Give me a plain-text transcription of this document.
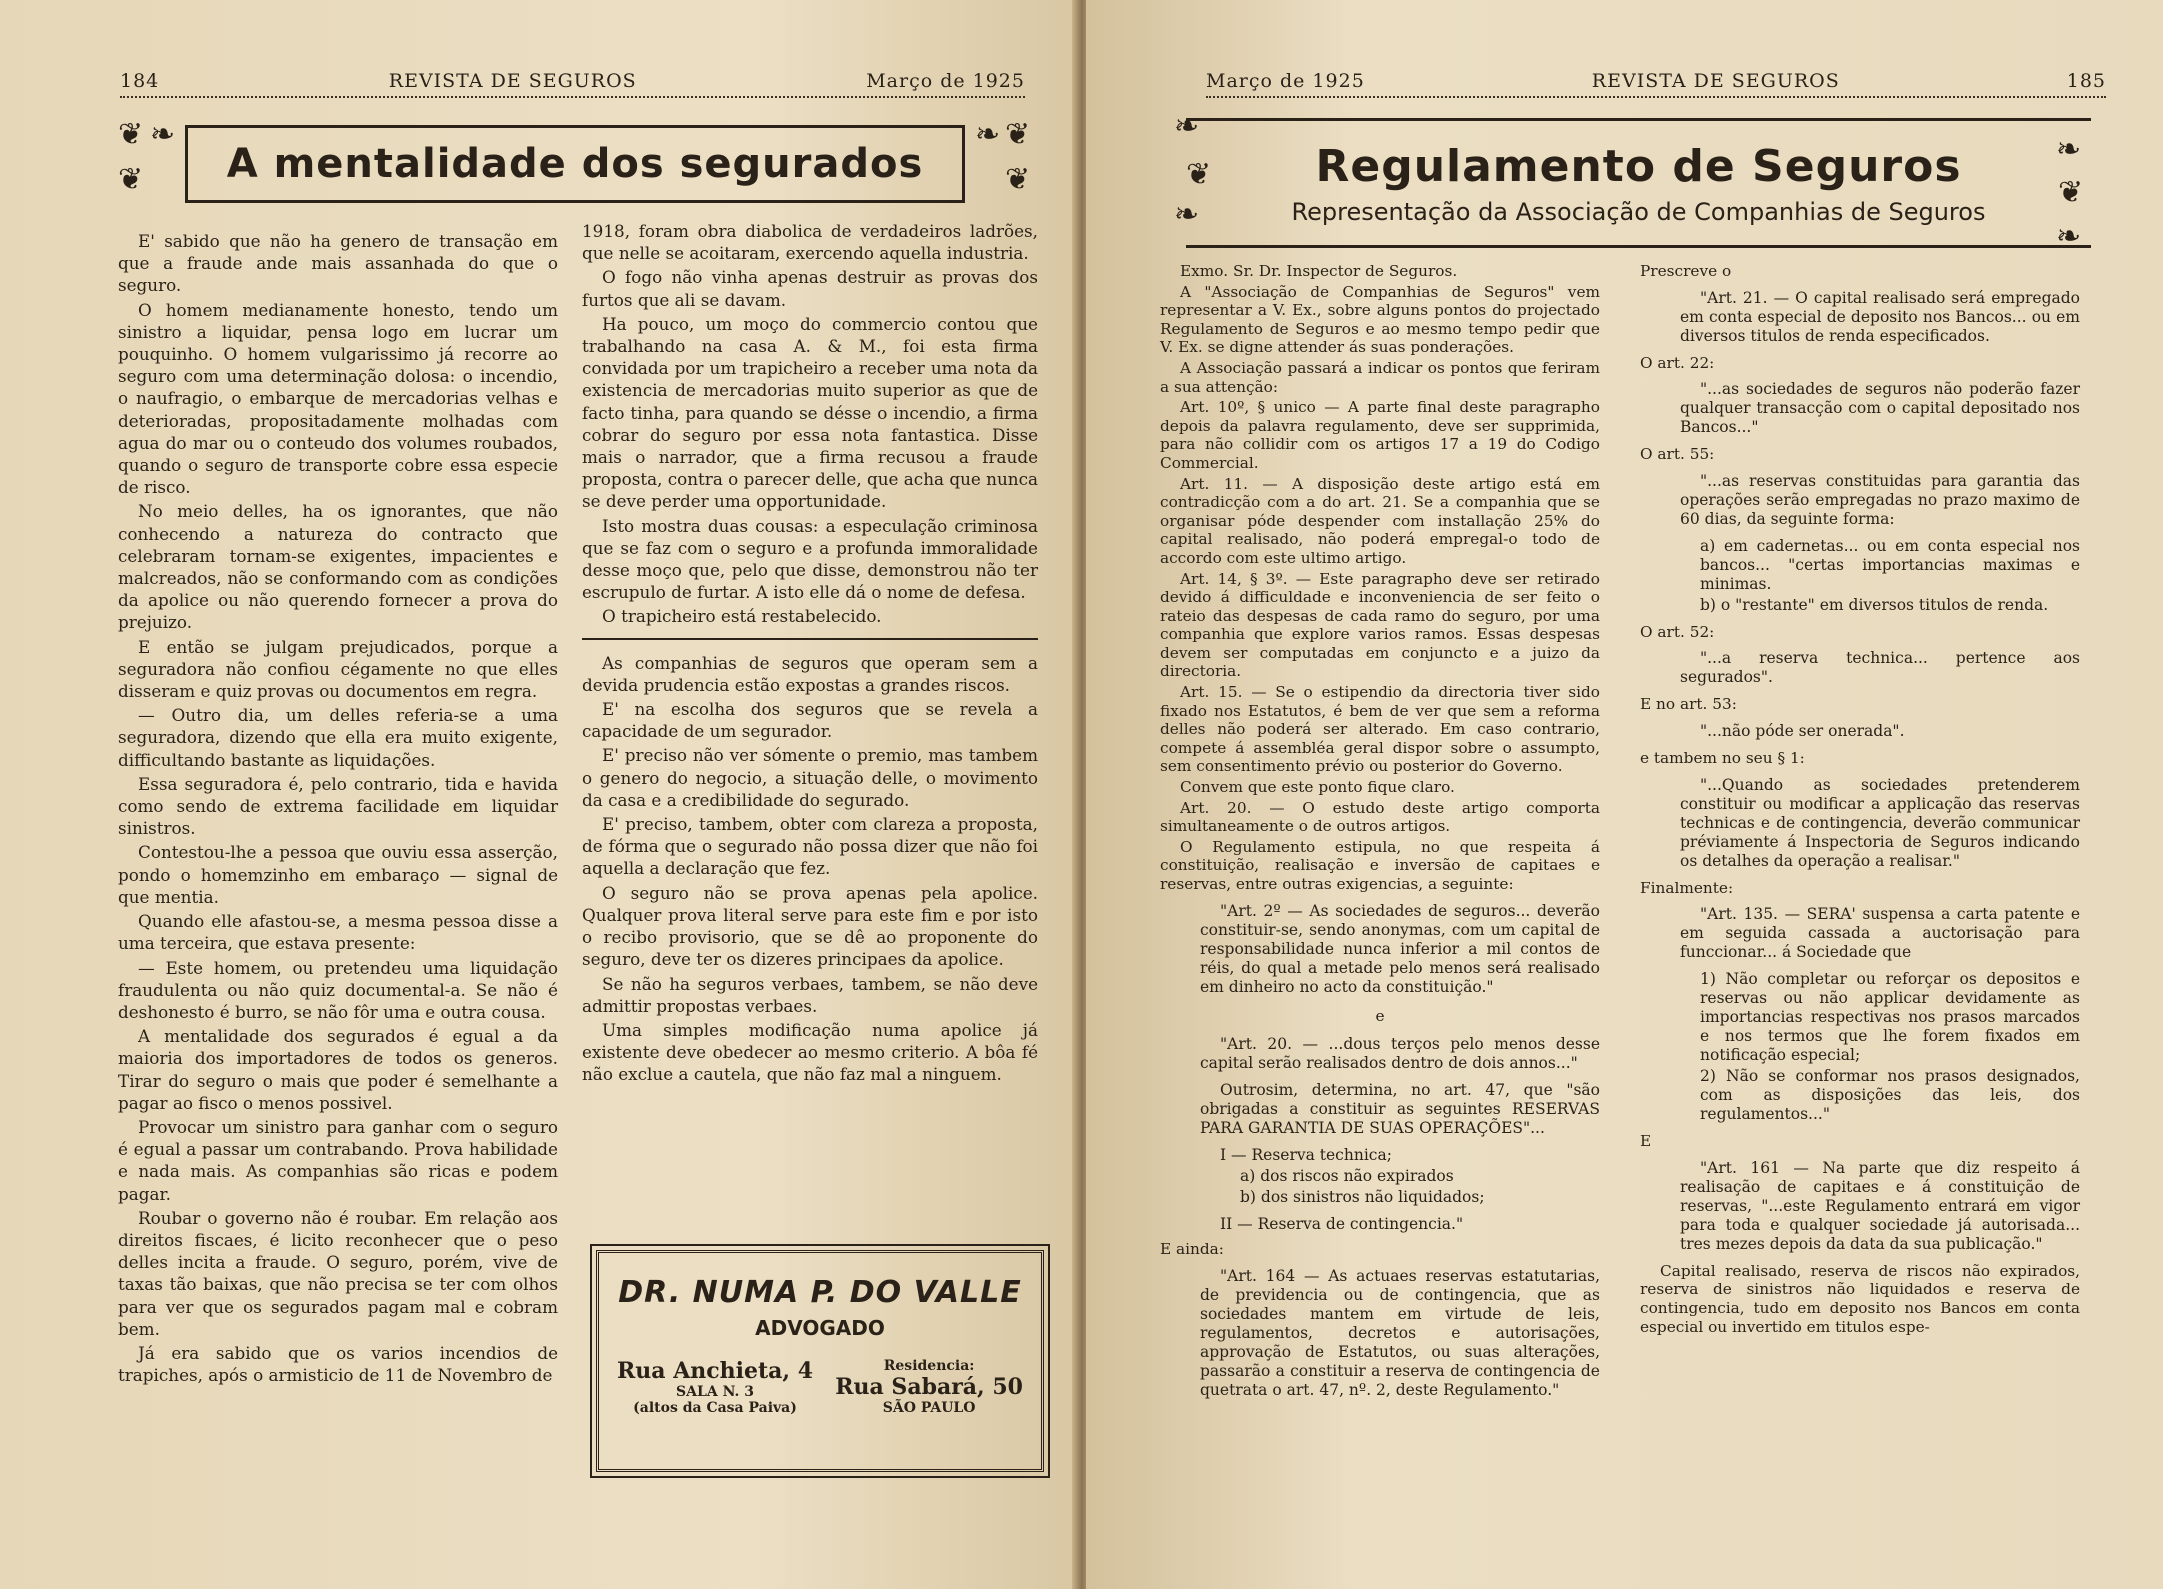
184	REVISTA DE SEGUROS	Março de 1925
❦
❦
❧	❧ ❦
❦
A mentalidade dos segurados

E' sabido que não ha genero de transação em que a fraude ande mais assanhada do que o seguro.

O homem medianamente honesto, tendo um sinistro a liquidar, pensa logo em lucrar um pouquinho. O homem vulgarissimo já recorre ao seguro com uma determinação dolosa: o incendio, o naufragio, o embarque de mercadorias velhas e deterioradas, propositadamente molhadas com agua do mar ou o conteudo dos volumes roubados, quando o seguro de transporte cobre essa especie de risco.

No meio delles, ha os ignorantes, que não conhecendo a natureza do contracto que celebraram tornam-se exigentes, impacientes e malcreados, não se conformando com as condições da apolice ou não querendo fornecer a prova do prejuizo.

E então se julgam prejudicados, porque a seguradora não confiou cégamente no que elles disseram e quiz provas ou documentos em regra.

— Outro dia, um delles referia-se a uma seguradora, dizendo que ella era muito exigente, difficultando bastante as liquidações.

Essa seguradora é, pelo contrario, tida e havida como sendo de extrema facilidade em liquidar sinistros.

Contestou-lhe a pessoa que ouviu essa asserção, pondo o homemzinho em embaraço — signal de que mentia.

Quando elle afastou-se, a mesma pessoa disse a uma terceira, que estava presente:

— Este homem, ou pretendeu uma liquidação fraudulenta ou não quiz documental-a. Se não é deshonesto é burro, se não fôr uma e outra cousa.

A mentalidade dos segurados é egual a da maioria dos importadores de todos os generos. Tirar do seguro o mais que poder é semelhante a pagar ao fisco o menos possivel.

Provocar um sinistro para ganhar com o seguro é egual a passar um contrabando. Prova habilidade e nada mais. As companhias são ricas e podem pagar.

Roubar o governo não é roubar. Em relação aos direitos fiscaes, é licito reconhecer que o peso delles incita a fraude. O seguro, porém, vive de taxas tão baixas, que não precisa se ter com olhos para ver que os segurados pagam mal e cobram bem.

Já era sabido que os varios incendios de trapiches, após o armisticio de 11 de Novembro de

1918, foram obra diabolica de verdadeiros ladrões, que nelle se acoitaram, exercendo aquella industria.

O fogo não vinha apenas destruir as provas dos furtos que ali se davam.

Ha pouco, um moço do commercio contou que trabalhando na casa A. & M., foi esta firma convidada por um trapicheiro a receber uma nota da existencia de mercadorias muito superior as que de facto tinha, para quando se désse o incendio, a firma cobrar do seguro por essa nota fantastica. Disse mais o narrador, que a firma recusou a fraude proposta, contra o parecer delle, que acha que nunca se deve perder uma opportunidade.

Isto mostra duas cousas: a especulação criminosa que se faz com o seguro e a profunda immoralidade desse moço que, pelo que disse, demonstrou não ter escrupulo de furtar. A isto elle dá o nome de defesa.

O trapicheiro está restabelecido.

As companhias de seguros que operam sem a devida prudencia estão expostas a grandes riscos.

E' na escolha dos seguros que se revela a capacidade de um segurador.

E' preciso não ver sómente o premio, mas tambem o genero do negocio, a situação delle, o movimento da casa e a credibilidade do segurado.

E' preciso, tambem, obter com clareza a proposta, de fórma que o segurado não possa dizer que não foi aquella a declaração que fez.

O seguro não se prova apenas pela apolice. Qualquer prova literal serve para este fim e por isto o recibo provisorio, que se dê ao proponente do seguro, deve ter os dizeres principaes da apolice.

Se não ha seguros verbaes, tambem, se não deve admittir propostas verbaes.

Uma simples modificação numa apolice já existente deve obedecer ao mesmo criterio. A bôa fé não exclue a cautela, que não faz mal a ninguem.

DR. NUMA P. DO VALLE
ADVOGADO
Rua Anchieta, 4
SALA N. 3
(altos da Casa Paiva)
Residencia:
Rua Sabará, 50
SÃO PAULO
Março de 1925	REVISTA DE SEGUROS	185
❧
❦
❧
❧
❦
❧
Regulamento de Seguros
Representação da Associação de Companhias de Seguros

Exmo. Sr. Dr. Inspector de Seguros.

A "Associação de Companhias de Seguros" vem representar a V. Ex., sobre alguns pontos do projectado Regulamento de Seguros e ao mesmo tempo pedir que V. Ex. se digne attender ás suas ponderações.

A Associação passará a indicar os pontos que feriram a sua attenção:

Art. 10º, § unico — A parte final deste paragrapho depois da palavra regulamento, deve ser supprimida, para não collidir com os artigos 17 a 19 do Codigo Commercial.

Art. 11. — A disposição deste artigo está em contradicção com a do art. 21. Se a companhia que se organisar póde despender com installação 25% do capital realisado, não poderá empregal-o todo de accordo com este ultimo artigo.

Art. 14, § 3º. — Este paragrapho deve ser retirado devido á difficuldade e inconveniencia de ser feito o rateio das despesas de cada ramo do seguro, por uma companhia que explore varios ramos. Essas despesas devem ser computadas em conjuncto e a juizo da directoria.

Art. 15. — Se o estipendio da directoria tiver sido fixado nos Estatutos, é bem de ver que sem a reforma delles não poderá ser alterado. Em caso contrario, compete á assembléa geral dispor sobre o assumpto, sem consentimento prévio ou posterior do Governo.

Convem que este ponto fique claro.

Art. 20. — O estudo deste artigo comporta simultaneamente o de outros artigos.

O Regulamento estipula, no que respeita á constituição, realisação e inversão de capitaes e reservas, entre outras exigencias, a seguinte:

"Art. 2º — As sociedades de seguros... deverão constituir-se, sendo anonymas, com um capital de responsabilidade nunca inferior a mil contos de réis, do qual a metade pelo menos será realisado em dinheiro no acto da constituição."

e

"Art. 20. — ...dous terços pelo menos desse capital serão realisados dentro de dois annos..."

Outrosim, determina, no art. 47, que "são obrigadas a constituir as seguintes RESERVAS PARA GARANTIA DE SUAS OPERAÇÕES"...

I — Reserva technica;

a) dos riscos não expirados

b) dos sinistros não liquidados;

II — Reserva de contingencia."

E ainda:

"Art. 164 — As actuaes reservas estatutarias, de previdencia ou de contingencia, que as sociedades mantem em virtude de leis, regulamentos, decretos e autorisações, approvação de Estatutos, ou suas alterações, passarão a constituir a reserva de contingencia de quetrata o art. 47, nº. 2, deste Regulamento."

Prescreve o

"Art. 21. — O capital realisado será empregado em conta especial de deposito nos Bancos... ou em diversos titulos de renda especificados.

O art. 22:

"...as sociedades de seguros não poderão fazer qualquer transacção com o capital depositado nos Bancos..."

O art. 55:

"...as reservas constituidas para garantia das operações serão empregadas no prazo maximo de 60 dias, da seguinte forma:

a) em cadernetas... ou em conta especial nos bancos... "certas importancias maximas e minimas.

b) o "restante" em diversos titulos de renda.

O art. 52:

"...a reserva technica... pertence aos segurados".

E no art. 53:

"...não póde ser onerada".

e tambem no seu § 1:

"...Quando as sociedades pretenderem constituir ou modificar a applicação das reservas technicas e de contingencia, deverão communicar préviamente á Inspectoria de Seguros indicando os detalhes da operação a realisar."

Finalmente:

"Art. 135. — SERA' suspensa a carta patente e em seguida cassada a auctorisação para funccionar... á Sociedade que

1) Não completar ou reforçar os depositos e reservas ou não applicar devidamente as importancias respectivas nos prasos marcados e nos termos que lhe forem fixados em notificação especial;

2) Não se conformar nos prasos designados, com as disposições das leis, dos regulamentos..."

E

"Art. 161 — Na parte que diz respeito á realisação de capitaes e á constituição de reservas, "...este Regulamento entrará em vigor para toda e qualquer sociedade já autorisada... tres mezes depois da data da sua publicação."

Capital realisado, reserva de riscos não expirados, reserva de sinistros não liquidados e reserva de contingencia, tudo em deposito nos Bancos em conta especial ou invertido em titulos espe-
